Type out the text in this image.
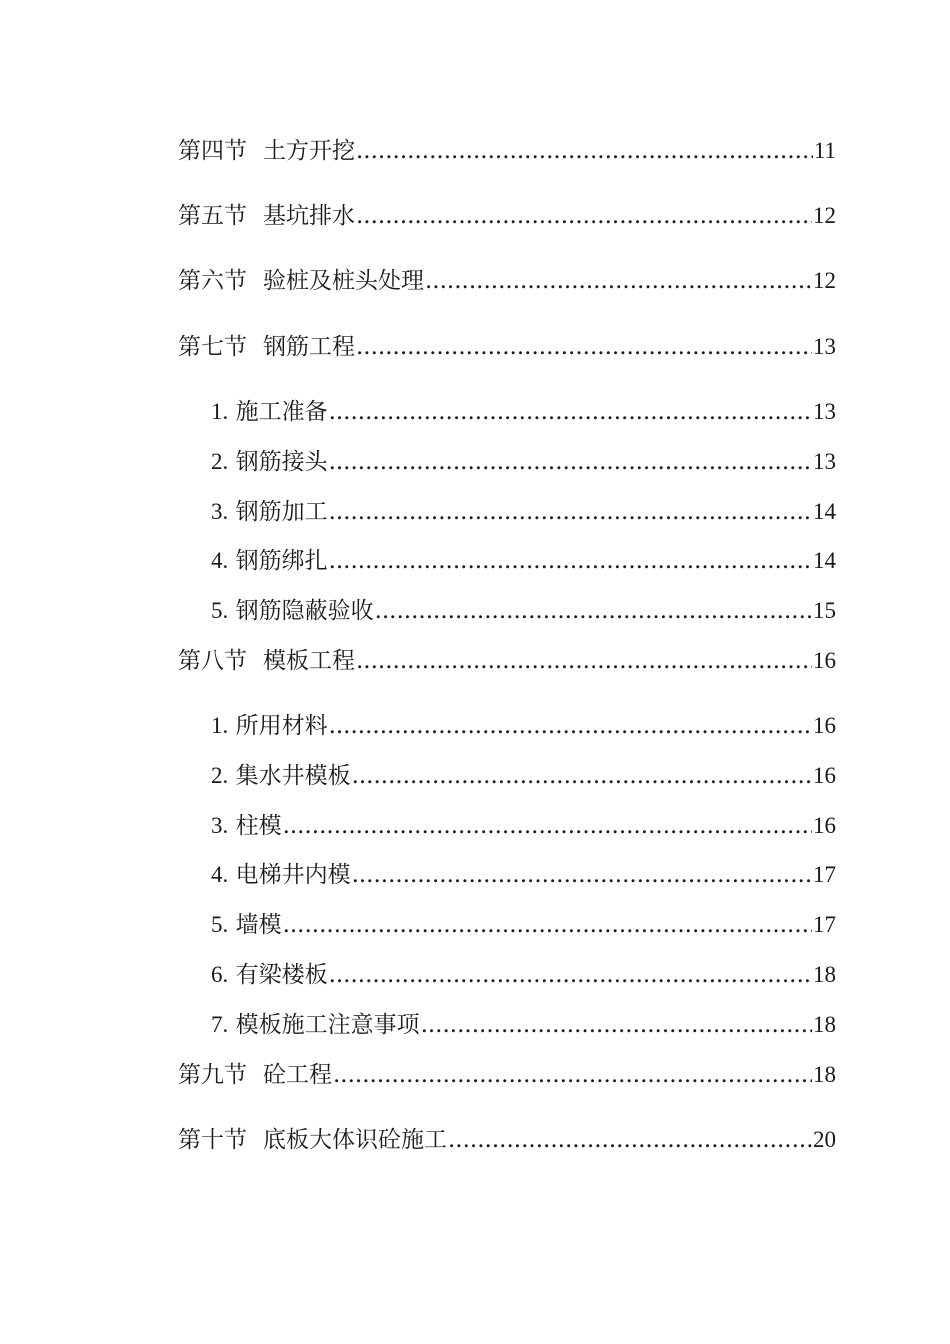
第四节 土方开挖 .....	11
第五节 基坑排水 .....	12
第六节 验桩及桩头处理 .....	12
第七节 钢筋工程 .....	13
1. 施工准备 .....	13
2. 钢筋接头 .....	13
3. 钢筋加工 .....	14
4. 钢筋绑扎 .....	14
5. 钢筋隐蔽验收 .....	15
第八节 模板工程 .....	16
1. 所用材料 .....	16
2. 集水井模板 .....	16
3. 柱模 .....	16
4. 电梯井内模 .....	17
5. 墙模 .....	17
6. 有梁楼板 .....	18
7. 模板施工注意事项 .....	18
第九节 砼工程 .....	18
第十节 底板大体识砼施工 .....	20
